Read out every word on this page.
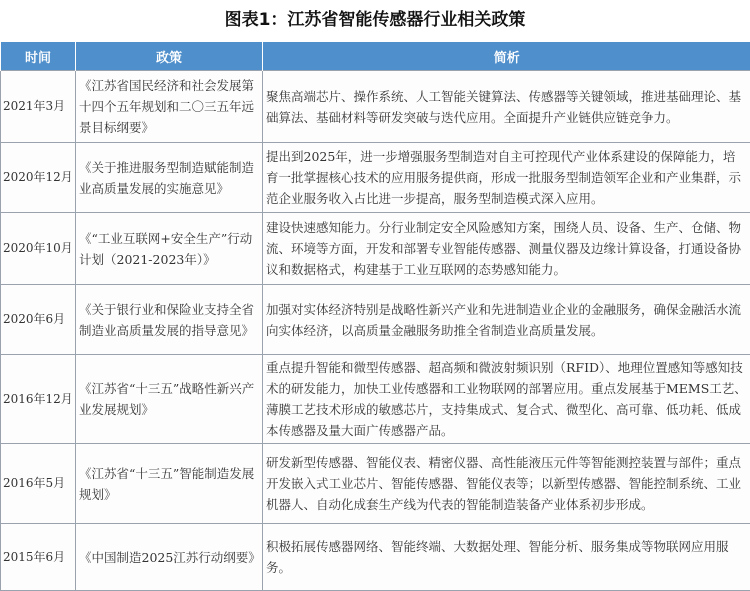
图表1：江苏省智能传感器行业相关政策
时间	政策	简析
2021年3月	《江苏省国民经济和社会发展第十四个五年规划和二〇三五年远景目标纲要》	聚焦高端芯片、操作系统、人工智能关键算法、传感器等关键领域，推进基础理论、基础算法、基础材料等研发突破与迭代应用。全面提升产业链供应链竞争力。
2020年12月	《关于推进服务型制造赋能制造业高质量发展的实施意见》	提出到2025年，进一步增强服务型制造对自主可控现代产业体系建设的保障能力，培育一批掌握核心技术的应用服务提供商，形成一批服务型制造领军企业和产业集群，示范企业服务收入占比进一步提高，服务型制造模式深入应用。
2020年10月	《“工业互联网+安全生产”行动计划（2021-2023年）》	建设快速感知能力。分行业制定安全风险感知方案，围绕人员、设备、生产、仓储、物流、环境等方面，开发和部署专业智能传感器、测量仪器及边缘计算设备，打通设备协议和数据格式，构建基于工业互联网的态势感知能力。
2020年6月	《关于银行业和保险业支持全省制造业高质量发展的指导意见》	加强对实体经济特别是战略性新兴产业和先进制造业企业的金融服务，确保金融活水流向实体经济，以高质量金融服务助推全省制造业高质量发展。
2016年12月	《江苏省“十三五”战略性新兴产业发展规划》	重点提升智能和微型传感器、超高频和微波射频识别（RFID）、地理位置感知等感知技术的研发能力，加快工业传感器和工业物联网的部署应用。重点发展基于MEMS工艺、薄膜工艺技术形成的敏感芯片，支持集成式、复合式、微型化、高可靠、低功耗、低成本传感器及量大面广传感器产品。
2016年5月	《江苏省“十三五”智能制造发展规划》	研发新型传感器、智能仪表、精密仪器、高性能液压元件等智能测控装置与部件；重点开发嵌入式工业芯片、智能传感器、智能仪表等；以新型传感器、智能控制系统、工业机器人、自动化成套生产线为代表的智能制造装备产业体系初步形成。
2015年6月	《中国制造2025江苏行动纲要》	积极拓展传感器网络、智能终端、大数据处理、智能分析、服务集成等物联网应用服务。
